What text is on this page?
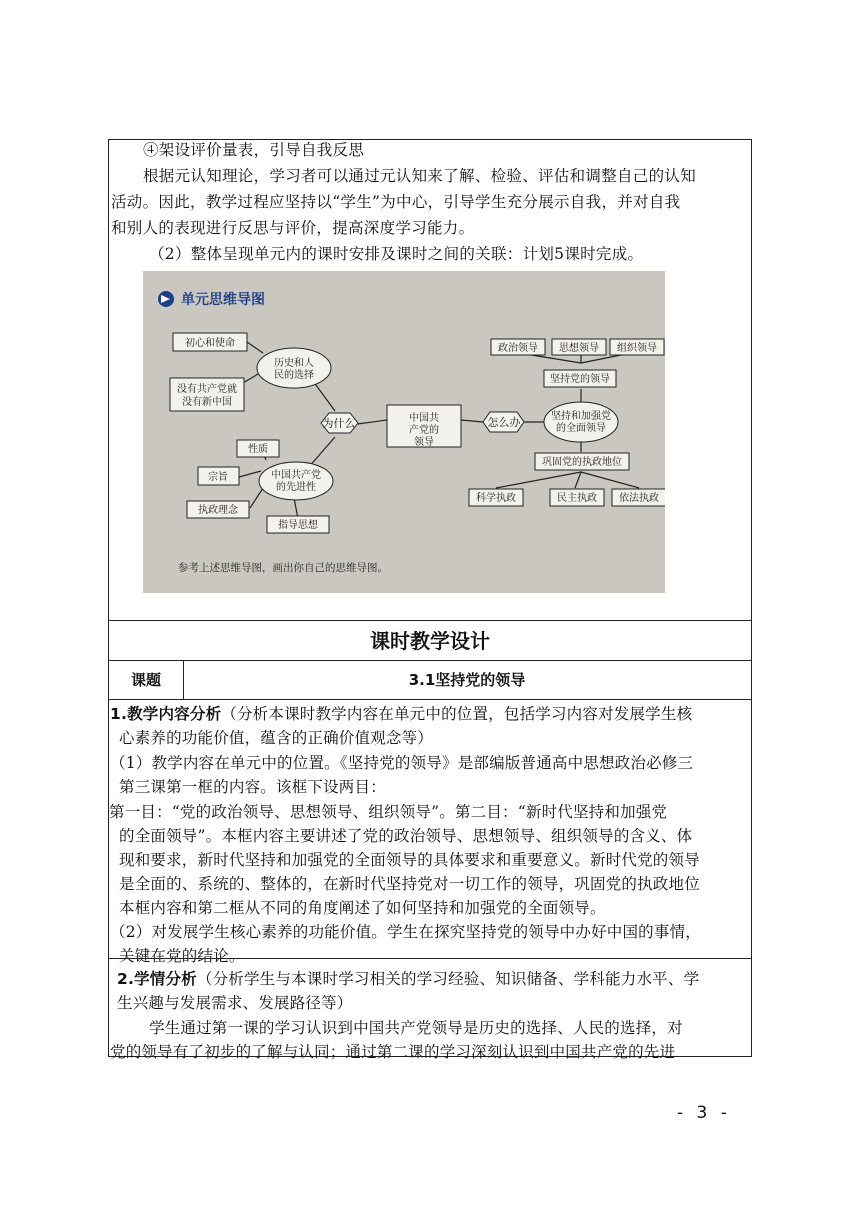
④架设评价量表，引导自我反思
根据元认知理论，学习者可以通过元认知来了解、检验、评估和调整自己的认知
活动。因此，教学过程应坚持以“学生”为中心，引导学生充分展示自我，并对自我
和别人的表现进行反思与评价，提高深度学习能力。
（2）整体呈现单元内的课时安排及课时之间的关联：计划5课时完成。
单元思维导图
中国共
产党的
领导
为什么	怎么办
历史和人
民的选择
初心和使命
没有共产党就
没有新中国
中国共产党
的先进性
性质
宗旨
执政理念
指导思想
坚持和加强党
的全面领导
坚持党的领导
政治领导 思想领导 组织领导
巩固党的执政地位
科学执政	民主执政 依法执政
参考上述思维导图，画出你自己的思维导图。
课时教学设计
课题	3.1坚持党的领导
1.教学内容分析（分析本课时教学内容在单元中的位置，包括学习内容对发展学生核
心素养的功能价值，蕴含的正确价值观念等）
（1）教学内容在单元中的位置。《坚持党的领导》是部编版普通高中思想政治必修三
第三课第一框的内容。该框下设两目：
第一目：“党的政治领导、思想领导、组织领导”。第二目：“新时代坚持和加强党
的全面领导”。本框内容主要讲述了党的政治领导、思想领导、组织领导的含义、体
现和要求，新时代坚持和加强党的全面领导的具体要求和重要意义。新时代党的领导
是全面的、系统的、整体的，在新时代坚持党对一切工作的领导，巩固党的执政地位
本框内容和第二框从不同的角度阐述了如何坚持和加强党的全面领导。
（2）对发展学生核心素养的功能价值。学生在探究坚持党的领导中办好中国的事情，
关键在党的结论。
2.学情分析（分析学生与本课时学习相关的学习经验、知识储备、学科能力水平、学
生兴趣与发展需求、发展路径等）
学生通过第一课的学习认识到中国共产党领导是历史的选择、人民的选择，对
党的领导有了初步的了解与认同；通过第二课的学习深刻认识到中国共产党的先进
- 3 -
